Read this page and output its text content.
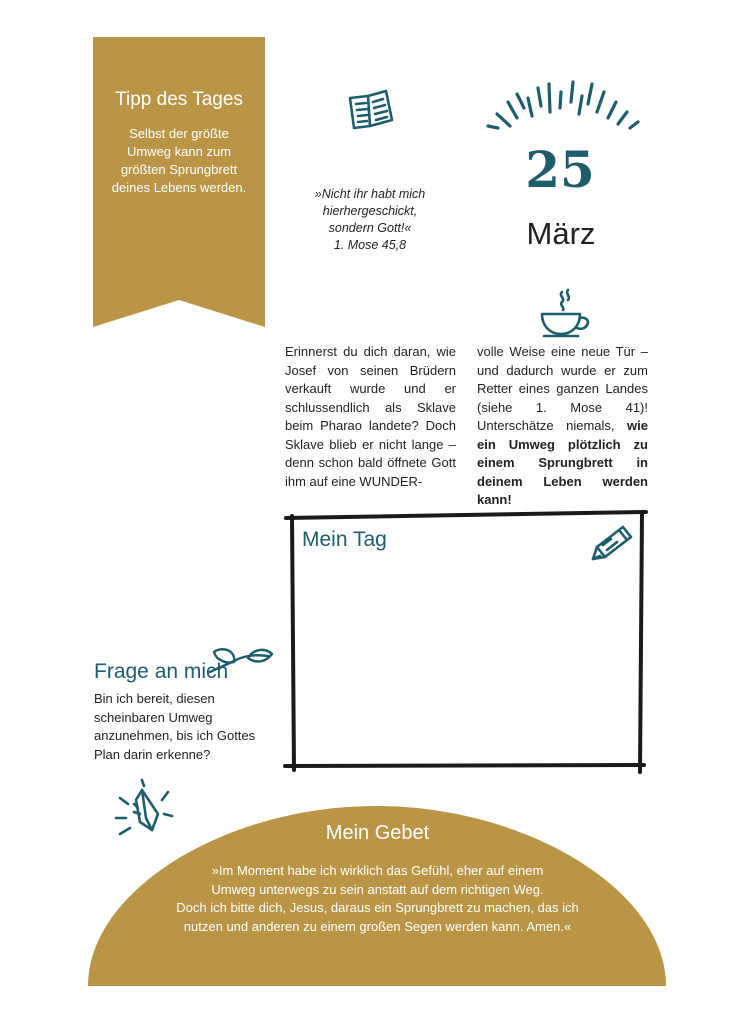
Tipp des Tages
Selbst der größte Umweg kann zum größten Sprungbrett deines Lebens werden.	»Nicht ihr habt mich hierhergeschickt, sondern Gott!«
1. Mose 45,8
25
März
Erinnerst du dich daran, wie Josef von seinen Brüdern verkauft wurde und er schlussendlich als Sklave beim Pharao landete? Doch Sklave blieb er nicht lange – denn schon bald öffnete Gott ihm auf eine WUNDER-
volle Weise eine neue Tür – und dadurch wurde er zum Retter eines ganzen Landes (siehe 1. Mose 41)! Unterschätze niemals, wie ein Umweg plötzlich zu einem Sprungbrett in deinem Leben werden kann!
Mein Tag
Frage an mich
Bin ich bereit, diesen scheinbaren Umweg anzunehmen, bis ich Gottes Plan darin erkenne?
Mein Gebet
»Im Moment habe ich wirklich das Gefühl, eher auf einem
Umweg unterwegs zu sein anstatt auf dem richtigen Weg.
Doch ich bitte dich, Jesus, daraus ein Sprungbrett zu machen, das ich
nutzen und anderen zu einem großen Segen werden kann. Amen.«
